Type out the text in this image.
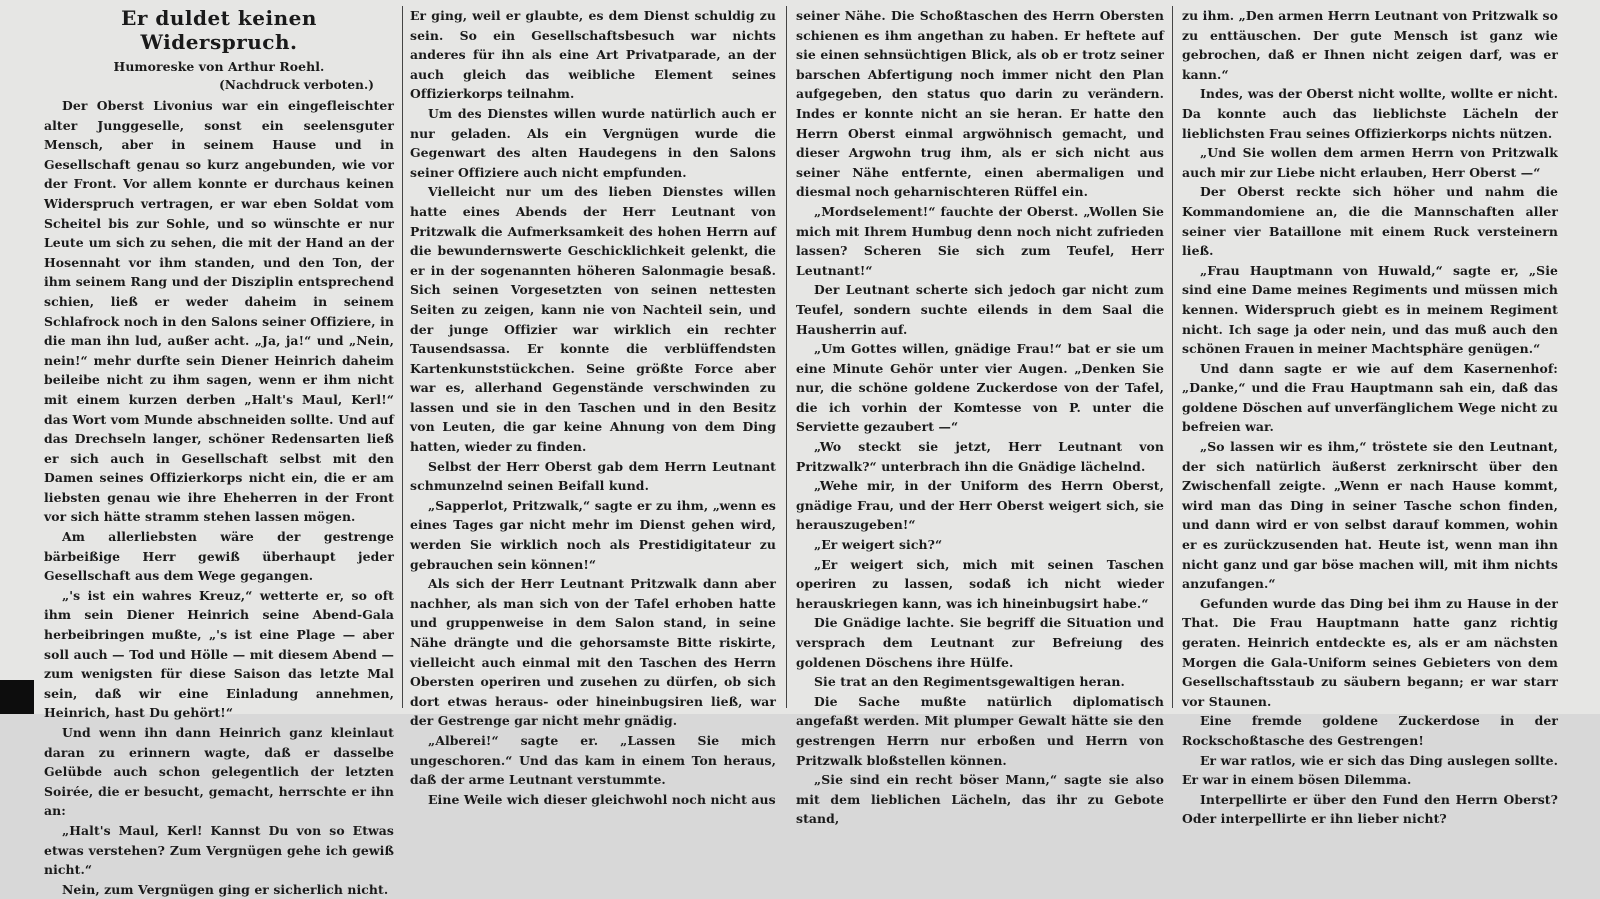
Er duldet keinen Widerspruch.
Humoreske von Arthur Roehl.
(Nachdruck verboten.)

Der Oberst Livonius war ein eingefleischter alter Junggeselle, sonst ein seelensguter Mensch, aber in seinem Hause und in Gesellschaft genau so kurz angebunden, wie vor der Front. Vor allem konnte er durchaus keinen Widerspruch vertragen, er war eben Soldat vom Scheitel bis zur Sohle, und so wünschte er nur Leute um sich zu sehen, die mit der Hand an der Hosennaht vor ihm standen, und den Ton, der ihm seinem Rang und der Disziplin entsprechend schien, ließ er weder daheim in seinem Schlafrock noch in den Salons seiner Offiziere, in die man ihn lud, außer acht. „Ja, ja!“ und „Nein, nein!“ mehr durfte sein Diener Heinrich daheim beileibe nicht zu ihm sagen, wenn er ihm nicht mit einem kurzen derben „Halt's Maul, Kerl!“ das Wort vom Munde abschneiden sollte. Und auf das Drechseln langer, schöner Redensarten ließ er sich auch in Gesellschaft selbst mit den Damen seines Offizierkorps nicht ein, die er am liebsten genau wie ihre Eheherren in der Front vor sich hätte stramm stehen lassen mögen.

Am allerliebsten wäre der gestrenge bärbeißige Herr gewiß überhaupt jeder Gesellschaft aus dem Wege gegangen.

„'s ist ein wahres Kreuz,“ wetterte er, so oft ihm sein Diener Heinrich seine Abend-Gala herbeibringen mußte, „'s ist eine Plage — aber soll auch — Tod und Hölle — mit diesem Abend — zum wenigsten für diese Saison das letzte Mal sein, daß wir eine Einladung annehmen, Heinrich, hast Du gehört!“

Und wenn ihn dann Heinrich ganz kleinlaut daran zu erinnern wagte, daß er dasselbe Gelübde auch schon gelegentlich der letzten Soirée, die er besucht, gemacht, herrschte er ihn an:

„Halt's Maul, Kerl! Kannst Du von so Etwas etwas verstehen? Zum Vergnügen gehe ich gewiß nicht.“

Nein, zum Vergnügen ging er sicherlich nicht.

Er ging, weil er glaubte, es dem Dienst schuldig zu sein. So ein Gesellschaftsbesuch war nichts anderes für ihn als eine Art Privatparade, an der auch gleich das weibliche Element seines Offizierkorps teilnahm.

Um des Dienstes willen wurde natürlich auch er nur geladen. Als ein Vergnügen wurde die Gegenwart des alten Haudegens in den Salons seiner Offiziere auch nicht empfunden.

Vielleicht nur um des lieben Dienstes willen hatte eines Abends der Herr Leutnant von Pritzwalk die Aufmerksamkeit des hohen Herrn auf die bewundernswerte Geschicklichkeit gelenkt, die er in der sogenannten höheren Salonmagie besaß. Sich seinen Vorgesetzten von seinen nettesten Seiten zu zeigen, kann nie von Nachteil sein, und der junge Offizier war wirklich ein rechter Tausendsassa. Er konnte die verblüffendsten Kartenkunststückchen. Seine größte Force aber war es, allerhand Gegenstände verschwinden zu lassen und sie in den Taschen und in den Besitz von Leuten, die gar keine Ahnung von dem Ding hatten, wieder zu finden.

Selbst der Herr Oberst gab dem Herrn Leutnant schmunzelnd seinen Beifall kund.

„Sapperlot, Pritzwalk,“ sagte er zu ihm, „wenn es eines Tages gar nicht mehr im Dienst gehen wird, werden Sie wirklich noch als Prestidigitateur zu gebrauchen sein können!“

Als sich der Herr Leutnant Pritzwalk dann aber nachher, als man sich von der Tafel erhoben hatte und gruppenweise in dem Salon stand, in seine Nähe drängte und die gehorsamste Bitte riskirte, vielleicht auch einmal mit den Taschen des Herrn Obersten operiren und zusehen zu dürfen, ob sich dort etwas heraus- oder hineinbugsiren ließ, war der Gestrenge gar nicht mehr gnädig.

„Alberei!“ sagte er. „Lassen Sie mich ungeschoren.“ Und das kam in einem Ton heraus, daß der arme Leutnant verstummte.

Eine Weile wich dieser gleichwohl noch nicht aus

seiner Nähe. Die Schoßtaschen des Herrn Obersten schienen es ihm angethan zu haben. Er heftete auf sie einen sehnsüchtigen Blick, als ob er trotz seiner barschen Abfertigung noch immer nicht den Plan aufgegeben, den status quo darin zu verändern. Indes er konnte nicht an sie heran. Er hatte den Herrn Oberst einmal argwöhnisch gemacht, und dieser Argwohn trug ihm, als er sich nicht aus seiner Nähe entfernte, einen abermaligen und diesmal noch geharnischteren Rüffel ein.

„Mordselement!“ fauchte der Oberst. „Wollen Sie mich mit Ihrem Humbug denn noch nicht zufrieden lassen? Scheren Sie sich zum Teufel, Herr Leutnant!“

Der Leutnant scherte sich jedoch gar nicht zum Teufel, sondern suchte eilends in dem Saal die Hausherrin auf.

„Um Gottes willen, gnädige Frau!“ bat er sie um eine Minute Gehör unter vier Augen. „Denken Sie nur, die schöne goldene Zuckerdose von der Tafel, die ich vorhin der Komtesse von P. unter die Serviette gezaubert —“

„Wo steckt sie jetzt, Herr Leutnant von Pritzwalk?“ unterbrach ihn die Gnädige lächelnd.

„Wehe mir, in der Uniform des Herrn Oberst, gnädige Frau, und der Herr Oberst weigert sich, sie herauszugeben!“

„Er weigert sich?“

„Er weigert sich, mich mit seinen Taschen operiren zu lassen, sodaß ich nicht wieder herauskriegen kann, was ich hineinbugsirt habe.“

Die Gnädige lachte. Sie begriff die Situation und versprach dem Leutnant zur Befreiung des goldenen Döschens ihre Hülfe.

Sie trat an den Regimentsgewaltigen heran.

Die Sache mußte natürlich diplomatisch angefaßt werden. Mit plumper Gewalt hätte sie den gestrengen Herrn nur erboßen und Herrn von Pritzwalk bloßstellen können.

„Sie sind ein recht böser Mann,“ sagte sie also mit dem lieblichen Lächeln, das ihr zu Gebote stand,

zu ihm. „Den armen Herrn Leutnant von Pritzwalk so zu enttäuschen. Der gute Mensch ist ganz wie gebrochen, daß er Ihnen nicht zeigen darf, was er kann.“

Indes, was der Oberst nicht wollte, wollte er nicht. Da konnte auch das lieblichste Lächeln der lieblichsten Frau seines Offizierkorps nichts nützen.

„Und Sie wollen dem armen Herrn von Pritzwalk auch mir zur Liebe nicht erlauben, Herr Oberst —“

Der Oberst reckte sich höher und nahm die Kommandomiene an, die die Mannschaften aller seiner vier Bataillone mit einem Ruck versteinern ließ.

„Frau Hauptmann von Huwald,“ sagte er, „Sie sind eine Dame meines Regiments und müssen mich kennen. Widerspruch giebt es in meinem Regiment nicht. Ich sage ja oder nein, und das muß auch den schönen Frauen in meiner Machtsphäre genügen.“

Und dann sagte er wie auf dem Kasernenhof: „Danke,“ und die Frau Hauptmann sah ein, daß das goldene Döschen auf unverfänglichem Wege nicht zu befreien war.

„So lassen wir es ihm,“ tröstete sie den Leutnant, der sich natürlich äußerst zerknirscht über den Zwischenfall zeigte. „Wenn er nach Hause kommt, wird man das Ding in seiner Tasche schon finden, und dann wird er von selbst darauf kommen, wohin er es zurückzusenden hat. Heute ist, wenn man ihn nicht ganz und gar böse machen will, mit ihm nichts anzufangen.“

Gefunden wurde das Ding bei ihm zu Hause in der That. Die Frau Hauptmann hatte ganz richtig geraten. Heinrich entdeckte es, als er am nächsten Morgen die Gala-Uniform seines Gebieters von dem Gesellschaftsstaub zu säubern begann; er war starr vor Staunen.

Eine fremde goldene Zuckerdose in der Rockschoßtasche des Gestrengen!

Er war ratlos, wie er sich das Ding auslegen sollte. Er war in einem bösen Dilemma.

Interpellirte er über den Fund den Herrn Oberst? Oder interpellirte er ihn lieber nicht?
